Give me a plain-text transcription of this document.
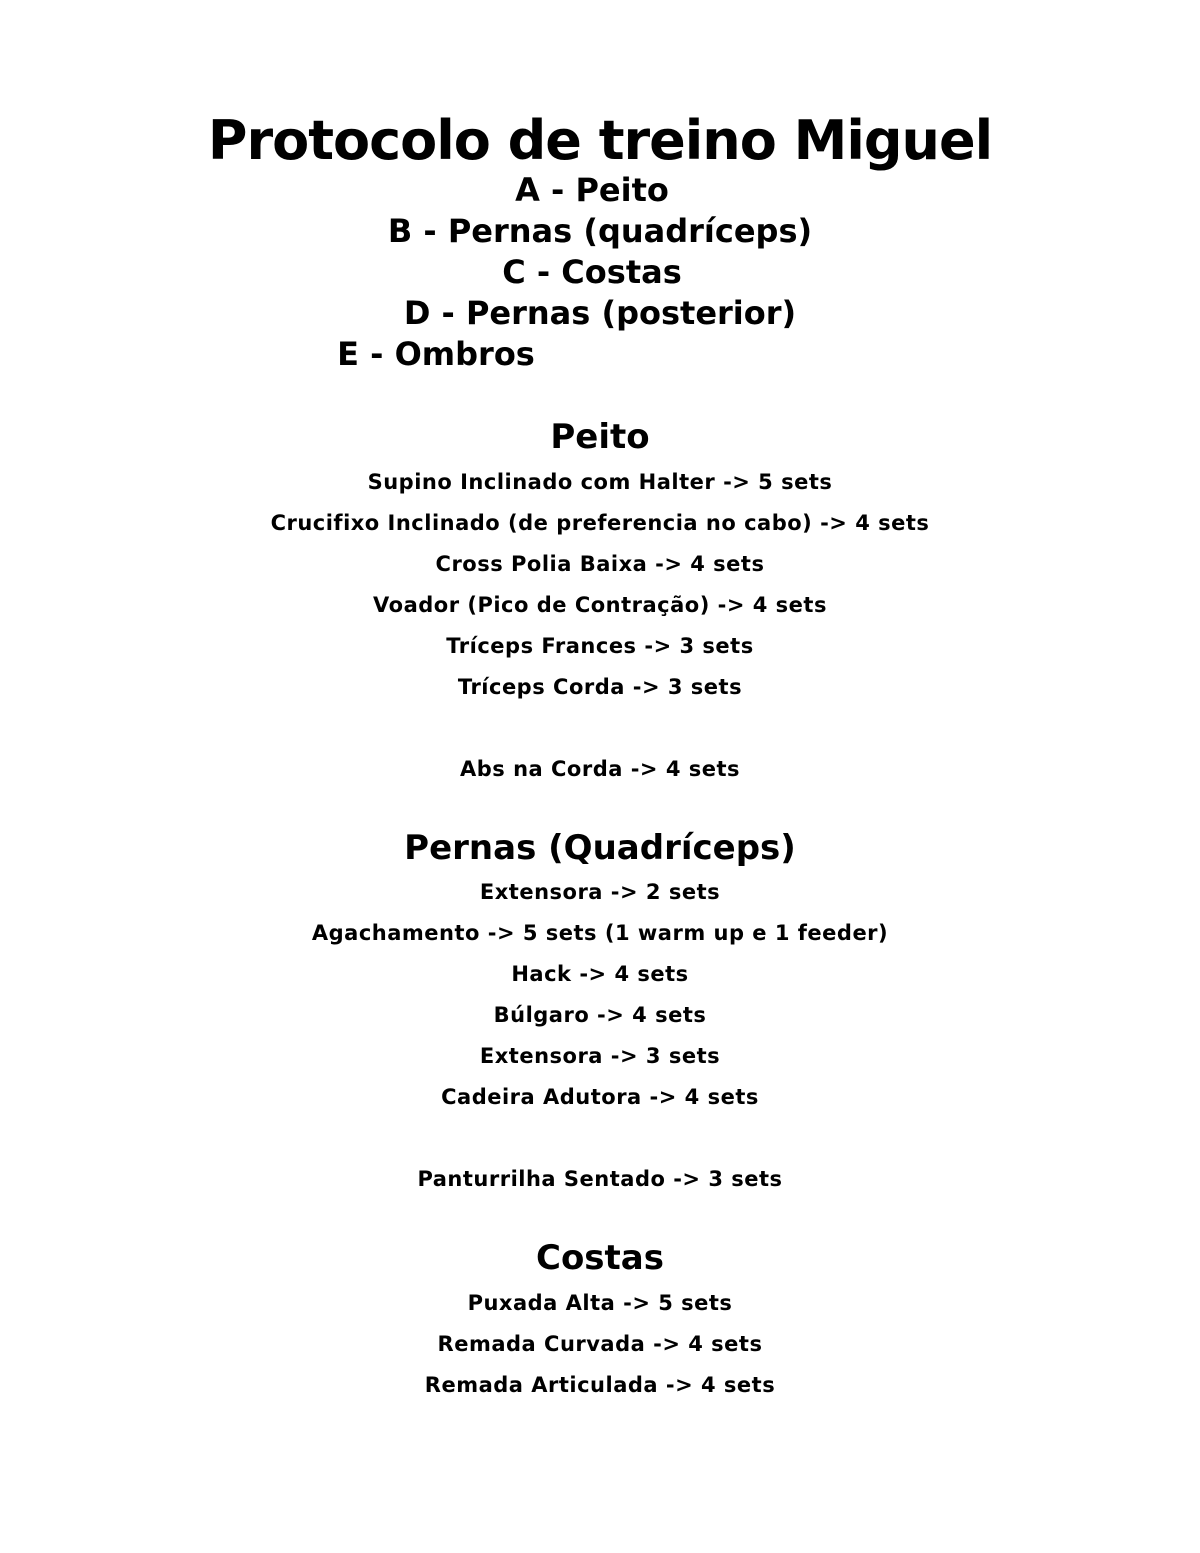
Protocolo de treino Miguel
A - Peito
B - Pernas (quadríceps)
C - Costas
D - Pernas (posterior)
E - Ombros
Peito
Supino Inclinado com Halter -> 5 sets
Crucifixo Inclinado (de preferencia no cabo) -> 4 sets
Cross Polia Baixa -> 4 sets
Voador (Pico de Contração) -> 4 sets
Tríceps Frances -> 3 sets
Tríceps Corda -> 3 sets
Abs na Corda -> 4 sets
Pernas (Quadríceps)
Extensora -> 2 sets
Agachamento -> 5 sets (1 warm up e 1 feeder)
Hack -> 4 sets
Búlgaro -> 4 sets
Extensora -> 3 sets
Cadeira Adutora -> 4 sets
Panturrilha Sentado -> 3 sets
Costas
Puxada Alta -> 5 sets
Remada Curvada -> 4 sets
Remada Articulada -> 4 sets
